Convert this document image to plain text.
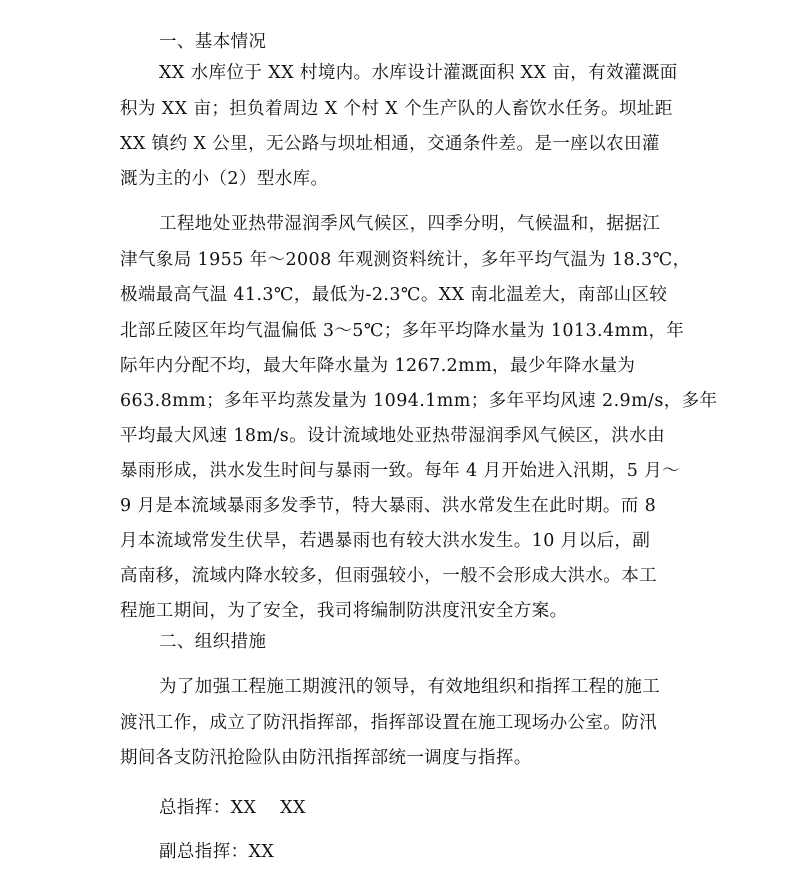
一、基本情况
XX 水库位于 XX 村境内。水库设计灌溉面积 XX 亩，有效灌溉面
积为 XX 亩；担负着周边 X 个村 X 个生产队的人畜饮水任务。坝址距
XX 镇约 X 公里，无公路与坝址相通，交通条件差。是一座以农田灌
溉为主的小（2）型水库。
工程地处亚热带湿润季风气候区，四季分明，气候温和，据据江
津气象局 1955 年～2008 年观测资料统计，多年平均气温为 18.3℃，
极端最高气温 41.3℃，最低为-2.3℃。XX 南北温差大，南部山区较
北部丘陵区年均气温偏低 3～5℃；多年平均降水量为 1013.4mm，年
际年内分配不均，最大年降水量为 1267.2mm，最少年降水量为
663.8mm；多年平均蒸发量为 1094.1mm；多年平均风速 2.9m/s，多年
平均最大风速 18m/s。设计流域地处亚热带湿润季风气候区，洪水由
暴雨形成，洪水发生时间与暴雨一致。每年 4 月开始进入汛期，5 月～
9 月是本流域暴雨多发季节，特大暴雨、洪水常发生在此时期。而 8
月本流域常发生伏旱，若遇暴雨也有较大洪水发生。10 月以后，副
高南移，流域内降水较多，但雨强较小，一般不会形成大洪水。本工
程施工期间，为了安全，我司将编制防洪度汛安全方案。
二、组织措施
为了加强工程施工期渡汛的领导，有效地组织和指挥工程的施工
渡汛工作，成立了防汛指挥部，指挥部设置在施工现场办公室。防汛
期间各支防汛抢险队由防汛指挥部统一调度与指挥。
总指挥：XX    XX
副总指挥：XX
